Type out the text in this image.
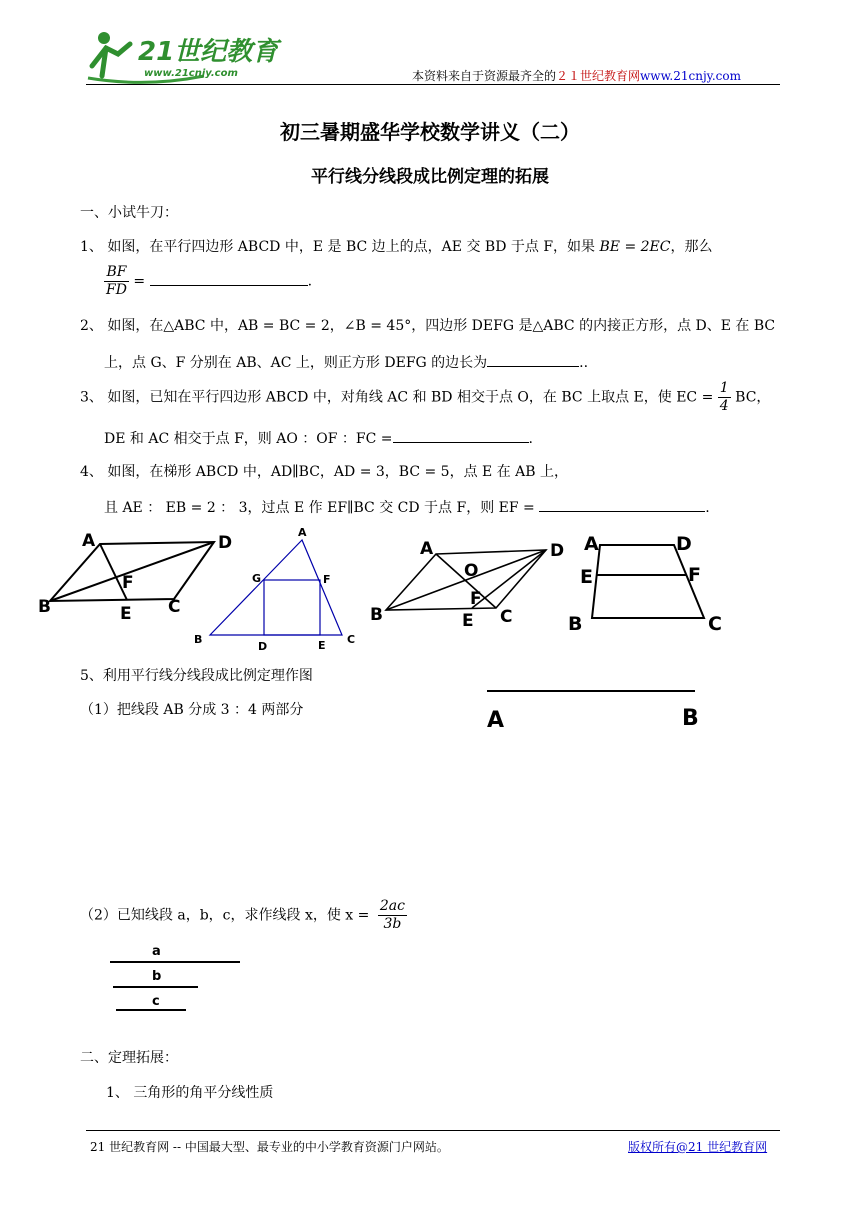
21世纪教育
www.21cnjy.com	本资料来自于资源最齐全的２１世纪教育网www.21cnjy.com
初三暑期盛华学校数学讲义（二）
平行线分线段成比例定理的拓展
一、小试牛刀：
1、 如图，在平行四边形 ABCD 中，E 是 BC 边上的点，AE 交 BD 于点 F，如果 BE = 2EC，那么
$\frac{BF}{FD}$ =	.
2、 如图，在△ABC 中，AB = BC = 2，∠B = 45°，四边形 DEFG 是△ABC 的内接正方形，点 D、E 在 BC
上，点 G、F 分别在 AB、AC 上，则正方形 DEFG 的边长为	..
3、 如图，已知在平行四边形 ABCD 中，对角线 AC 和 BD 相交于点 O，在 BC 上取点 E，使 EC = $\frac{1}{4}$ BC，
DE 和 AC 相交于点 F，则 AO ：OF ：FC =	.
4、 如图，在梯形 ABCD 中，AD∥BC，AD = 3，BC = 5，点 E 在 AB 上，
且 AE ： EB = 2 ： 3，过点 E 作 EF∥BC 交 CD 于点 F，则 EF =	.
A	D
B	E
F
C
A
G	F
B
D	E C
A	D
O
F
B	E C
A	D
E	F
B	C
5、利用平行线分线段成比例定理作图
（1）把线段 AB 分成 3 ：4 两部分	A	B
（2）已知线段 a，b，c，求作线段 x，使 $x = \frac{2ac}{3b}$
a
b
c
二、定理拓展：
1、 三角形的角平分线性质
21 世纪教育网 -- 中国最大型、最专业的中小学教育资源门户网站。	版权所有@21 世纪教育网
